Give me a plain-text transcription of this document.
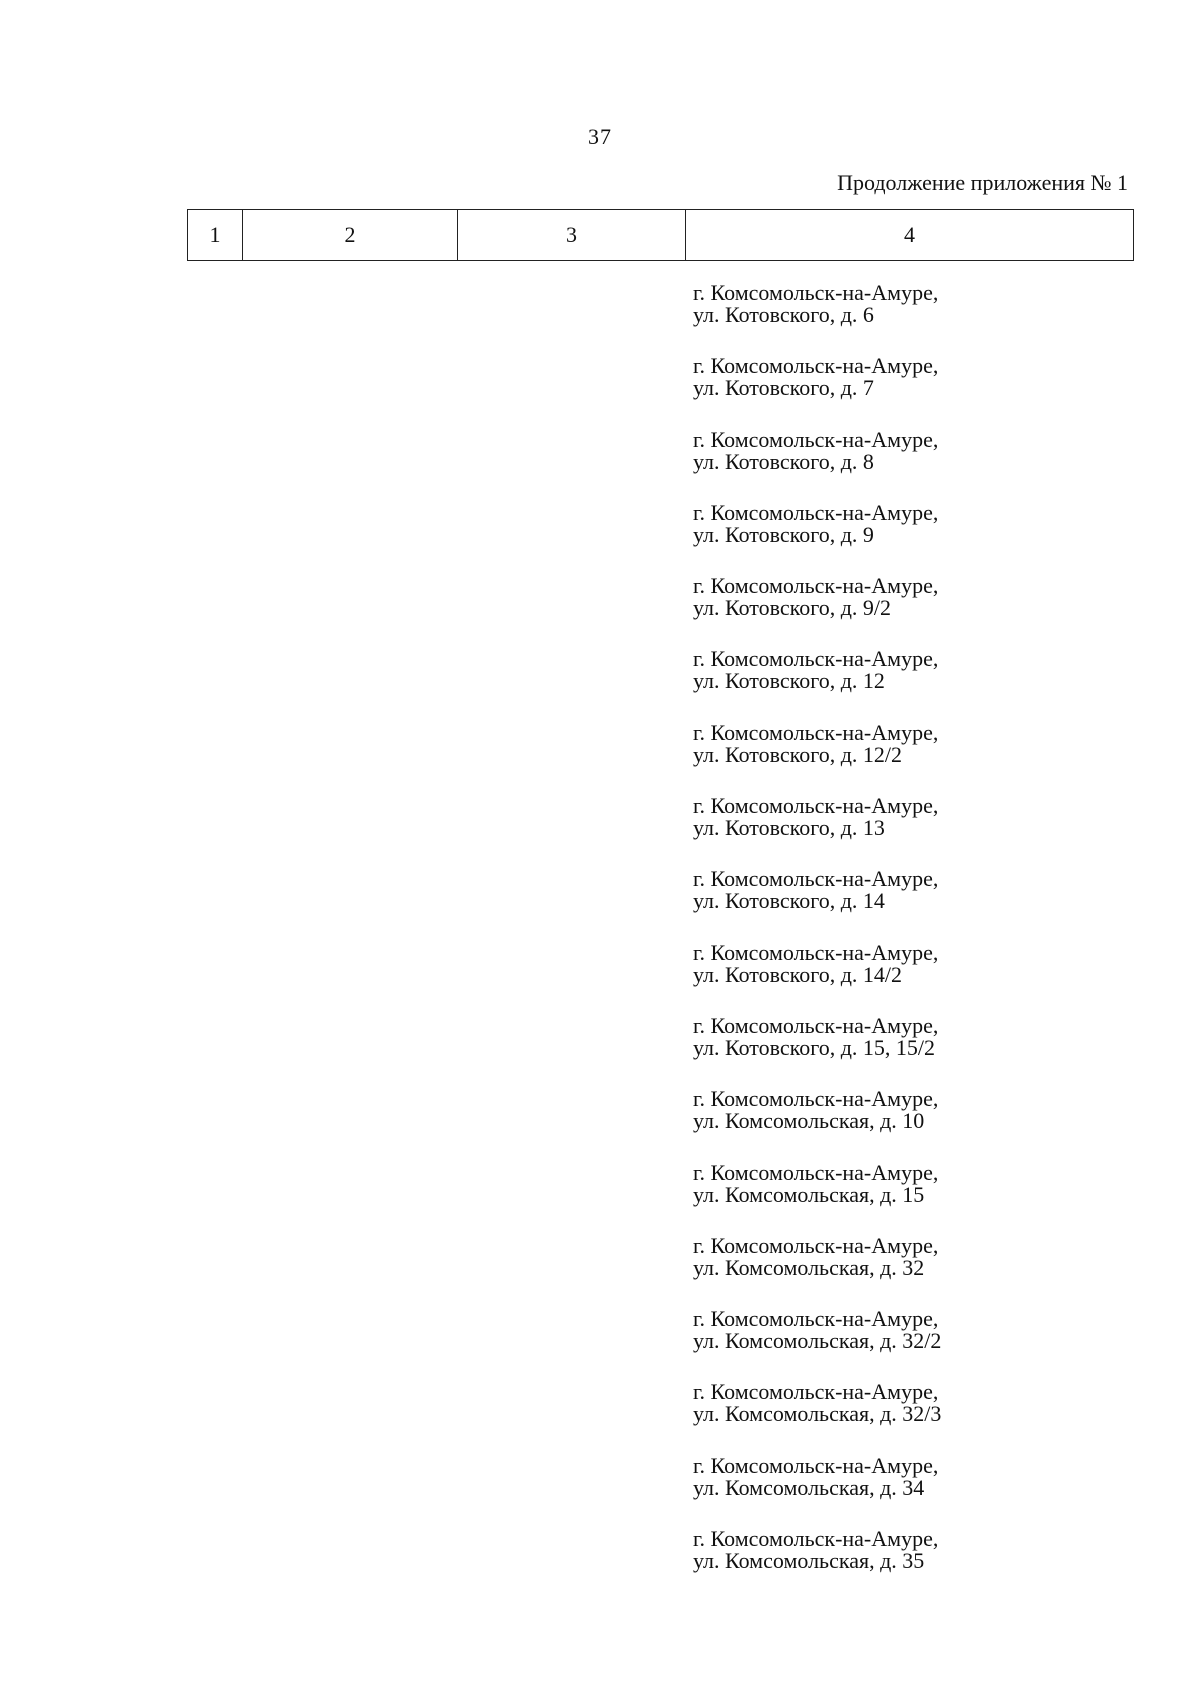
37
Продолжение приложения № 1
1	2	3	4
г. Комсомольск-на-Амуре,
ул. Котовского, д. 6
г. Комсомольск-на-Амуре,
ул. Котовского, д. 7
г. Комсомольск-на-Амуре,
ул. Котовского, д. 8
г. Комсомольск-на-Амуре,
ул. Котовского, д. 9
г. Комсомольск-на-Амуре,
ул. Котовского, д. 9/2
г. Комсомольск-на-Амуре,
ул. Котовского, д. 12
г. Комсомольск-на-Амуре,
ул. Котовского, д. 12/2
г. Комсомольск-на-Амуре,
ул. Котовского, д. 13
г. Комсомольск-на-Амуре,
ул. Котовского, д. 14
г. Комсомольск-на-Амуре,
ул. Котовского, д. 14/2
г. Комсомольск-на-Амуре,
ул. Котовского, д. 15, 15/2
г. Комсомольск-на-Амуре,
ул. Комсомольская, д. 10
г. Комсомольск-на-Амуре,
ул. Комсомольская, д. 15
г. Комсомольск-на-Амуре,
ул. Комсомольская, д. 32
г. Комсомольск-на-Амуре,
ул. Комсомольская, д. 32/2
г. Комсомольск-на-Амуре,
ул. Комсомольская, д. 32/3
г. Комсомольск-на-Амуре,
ул. Комсомольская, д. 34
г. Комсомольск-на-Амуре,
ул. Комсомольская, д. 35
